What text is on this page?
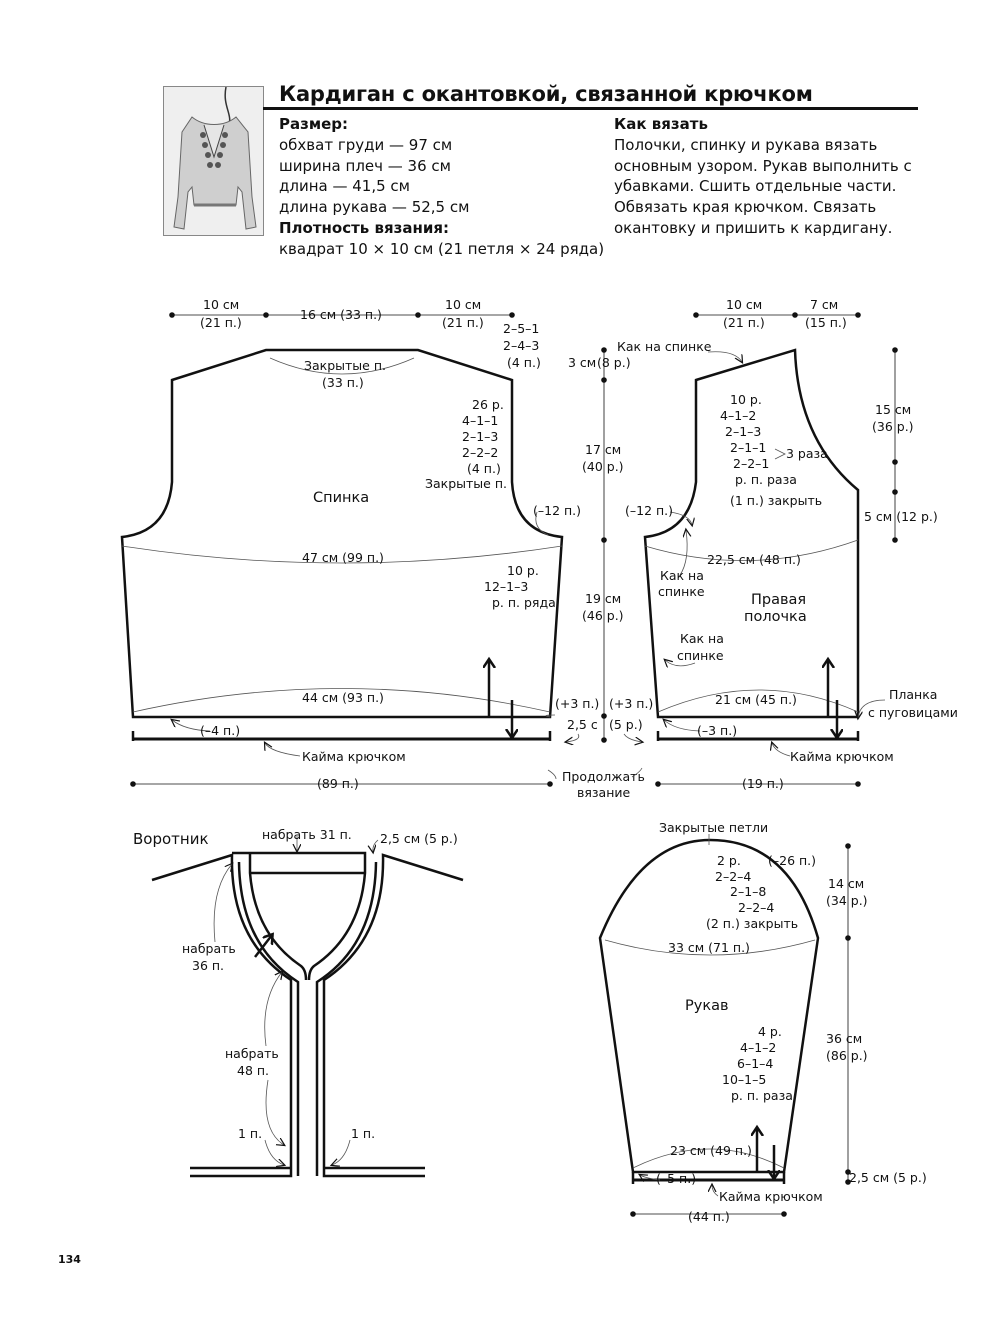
Кардиган с окантовкой, связанной крючком
Размер:
обхват груди — 97 см
ширина плеч — 36 см
длина — 41,5 см
длина рукава — 52,5 см
Плотность вязания:
квадрат 10 × 10 см (21 петля × 24 ряда)
Как вязать
Полочки, спинку и рукава вязать основным узором. Рукав выполнить с убавками. Сшить отдельные части. Обвязать края крючком. Связать окантовку и пришить к кардигану.
10 см
(21 п.)
16 см (33 п.)
10 см
(21 п.)
Закрытые п.
(33 п.)
2–5–1
2–4–3
(4 п.)
26 р.
4–1–1
2–1–3
2–2–2
(4 п.)
Закрытые п.
Спинка
(–12 п.)
47 см (99 п.)
10 р.
12–1–3
р. п. ряда
44 см (93 п.)	(+3 п.)
(–4 п.)
Кайма крючком
(89 п.)
3 см (8 р.)
17 см
(40 р.)
19 см
(46 р.)
2,5 с
Продолжать
вязание
10 см
(21 п.)
7 см
(15 п.)
Как на спинке
10 р.
4–1–2
2–1–3
2–1–1
2–2–1
3 раза
р. п. раза
(1 п.) закрыть
15 см
(36 р.)
5 см (12 р.)
(–12 п.)
22,5 см (48 п.)
Как на
спинке
Правая
полочка
Как на
спинке
(+3 п.)
(5 р.)
21 см (45 п.)	Планка
с пуговицами
(–3 п.)
Кайма крючком
(19 п.)
Воротник	набрать 31 п. 2,5 см (5 р.)
набрать
36 п.
набрать
48 п.
1 п.	1 п.
Закрытые петли
2 р.
2–2–4
2–1–8
2–2–4
(2 п.) закрыть
(–26 п.)
14 см
(34 р.)
33 см (71 п.)
Рукав
4 р.
4–1–2
6–1–4
10–1–5
р. п. раза
36 см
(86 р.)
23 см (49 п.)
(–5 п.)	2,5 см (5 р.)
Кайма крючком
(44 п.)
134
